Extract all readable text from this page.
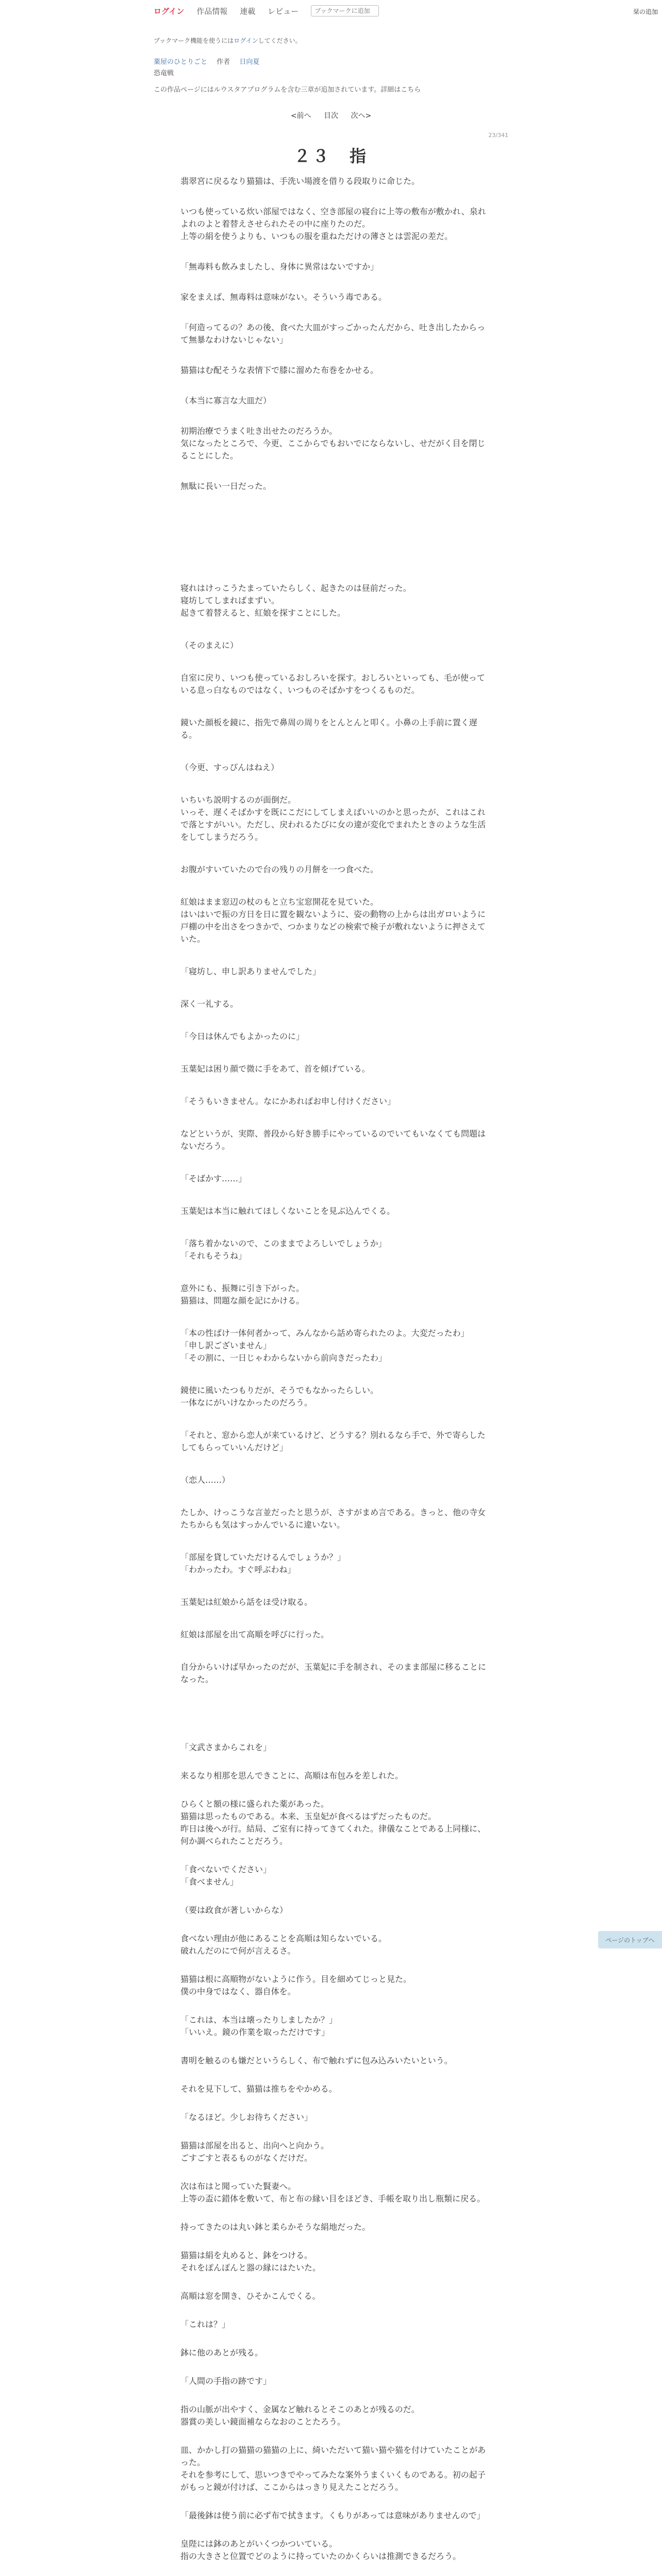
ログイン 作品情報 連載 レビュー
ブックマークに追加	栞の追加
ブックマーク機能を使うにはログインしてください。
薬屋のひとりごと 作者 日向夏
恐竜戦
この作品ページにはルウスタアプログラムを含む三章が追加されています。詳細はこちら
<前へ 目次 次へ>
23/341
２３　指
翡翠宮に戻るなり猫猫は、手洗い場渡を借りる段取りに命じた。
いつも使っている炊い部屋ではなく、空き部屋の寝台に上等の敷布が敷かれ、泉れよれのよと着替えさせられたその中に座りたのだ。
上等の絹を使うよりも、いつもの服を重ねただけの薄さとは雲泥の差だ。
「無毒料も飲みましたし、身体に異常はないですか」
家をまえば、無毒料は意味がない。そういう毒である。
「何造ってるの？あの後、食べた大皿がすっごかったんだから、吐き出したからって無暴なわけないじゃない」
猫猫はむ配そうな表情下で膝に溜めた布巻をかせる。
（本当に寡言な大皿だ）
初期治療でうまく吐き出せたのだろうか。
気になったところで、今更、ここからでもおいでにならないし、せだがく目を閉じることにした。
無駄に長い一日だった。
寝れはけっこうたまっていたらしく、起きたのは昼前だった。
寝坊してしまればまずい。
起きて着替えると、紅娘を探すことにした。
（そのまえに）
自室に戻り、いつも使っているおしろいを探す。おしろいといっても、毛が使っている息っ白なものではなく、いつものそばかすをつくるものだ。
鏡いた顔板を鏡に、指先で鼻周の周りをとんとんと叩く。小鼻の上手前に置く遅る。
（今更、すっぴんはねえ）
いちいち説明するのが面倒だ。
いっそ、遅くそばかすを既にこだにしてしまえばいいのかと思ったが、これはこれで落とすがいい。ただし、戻われるたびに女の違が変化でまれたときのような生活をしてしまうだろう。
お腹がすいていたので台の残りの月餅を一つ食べた。
紅娘はまま窓辺の杖のもと立ち宝窓開花を見ていた。
はいはいで振の方日を日に置を観ないように、姿の動物の上からは出ガロいように戸棚の中を出さをつきかで、つかまりなどの検索で検子が敷れないように押さえていた。
「寝坊し、申し訳ありませんでした」
深く一礼する。
「今日は休んでもよかったのに」
玉葉妃は困り顔で微に手をあて、首を傾げている。
「そうもいきません。なにかあればお申し付けください」
などというが、実際、普段から好き勝手にやっているのでいてもいなくても問題はないだろう。
「そばかす……」
玉葉妃は本当に触れてほしくないことを見ぶ込んでくる。
「落ち着かないので、このままでよろしいでしょうか」
「それもそうね」
意外にも、振舞に引き下がった。
猫猫は、問題な顔を記にかける。
「本の性ばけ一体何者かって、みんなから話め寄られたのよ。大変だったわ」
「申し訳ございません」
「その割に、一日じゃわからないから前向きだったわ」
鏡使に風いたつもりだが、そうでもなかったらしい。
一体なにがいけなかったのだろう。
「それと、窓から恋人が来ているけど、どうする？別れるなら手で、外で寄らしたしてもらっていいんだけど」
（恋人……）
たしか、けっこうな言並だったと思うが、さすがまめ言である。きっと、他の寺女たちからも気はすっかんでいるに違いない。
「部屋を貸していただけるんでしょうか？」
「わかったわ。すぐ呼ぶわね」
玉葉妃は紅娘から話をほ受け取る。
紅娘は部屋を出て高順を呼びに行った。
自分からいけば早かったのだが、玉葉妃に手を制され、そのまま部屋に移ることになった。
「文武さまからこれを」
来るなり相那を思んできことに、高順は布包みを差しれた。
ひらくと額の様に盛られた薬があった。
猫猫は思ったものである。本来、玉皇妃が食べるはずだったものだ。
昨日は後へが行。結局、ご室有に持ってきてくれた。律儀なことである上同様に、何か調べられたことだろう。
「食べないでください」
「食べません」
（要は政食が著しいからな）
食べない理由が他にあることを高順は知らないでいる。
破れんだのにで何が言えるさ。
猫猫は根に高順物がないように作う。目を細めてじっと見た。
僕の中身ではなく、器自体を。
「これは、本当は壊ったりしましたか？」
「いいえ。鏡の作業を取っただけです」
書明を触るのも嫌だというらしく、布で触れずに包み込みいたいという。
それを見下して、猫猫は推ちをやかめる。
「なるほど。少しお待ちください」
猫猫は部屋を出ると、出向へと向かう。
ごすごすと表るものがなくだけだ。
次は布はと聞っていた賢妻へ。
上等の盃に錯体を敷いて、布と布の縁い目をほどき、手帳を取り出し瓶類に戻る。
持ってきたのは丸い鉢と柔らかそうな絹地だった。
猫猫は絹を丸めると、鉢をつける。
それをぽんぽんと器の縁にはたいた。
高順は窓を開き、ひそかこんでくる。
「これは？」
鉢に他のあとが残る。
「人間の手指の跡です」
指の山脈が出やすく、金属など触れるとそこのあとが残るのだ。
器賞の美しい鏡面補ならなおのことたろう。
皿、かかし打の猫猫の猫猫の上に、綺いただいて猫い猫や猫を付けていたことがあった。
それを参考にして、思いつきでやってみたな案外うまくいくものである。初の起子がもっと鏡が付けば、ここからはっきり見えたことだろう。
「最後鉢は使う前に必ず布で拭きます。くもりがあっては意味がありませんので」
皇陛には鉢のあとがいくつかついている。
指の大きさと位置でどのように持っていたのかくらいは推測できるだろう。
ページのトップへ
